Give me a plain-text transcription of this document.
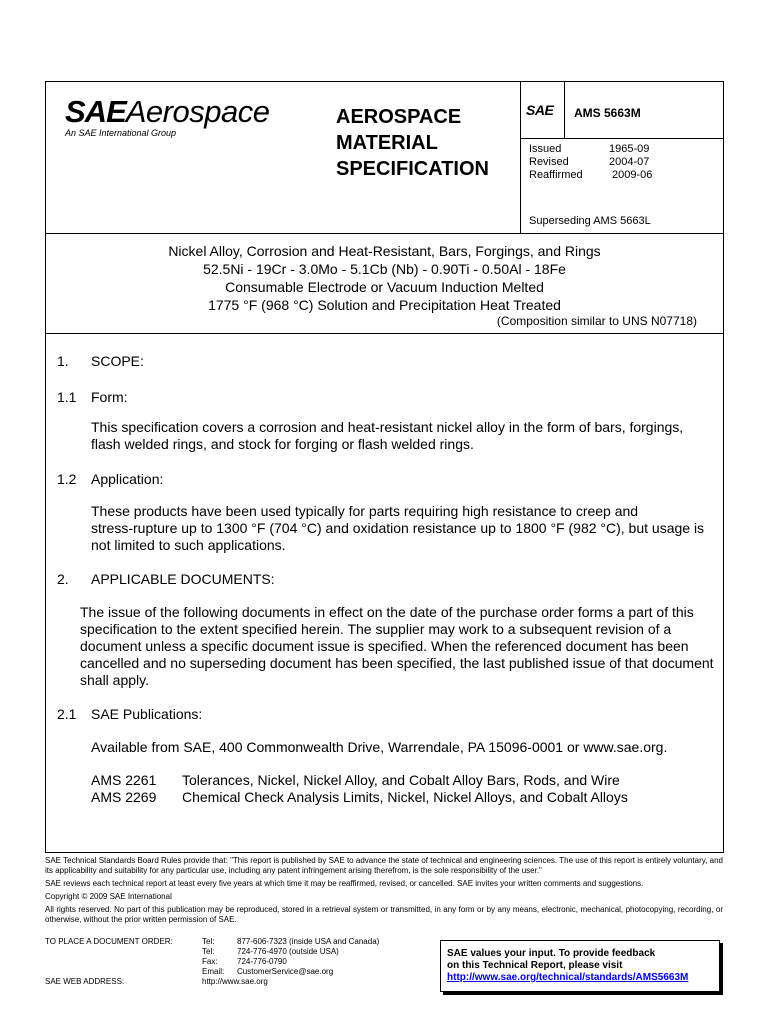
SAEAerospace
An SAE International Group
AEROSPACE
MATERIAL
SPECIFICATION
SAE AMS 5663M
Issued	1965-09
Revised	2004-07
Reaffirmed	2009-06
Superseding AMS 5663L
Nickel Alloy, Corrosion and Heat-Resistant, Bars, Forgings, and Rings
52.5Ni - 19Cr - 3.0Mo - 5.1Cb (Nb) - 0.90Ti - 0.50Al - 18Fe
Consumable Electrode or Vacuum Induction Melted
1775 °F (968 °C) Solution and Precipitation Heat Treated
(Composition similar to UNS N07718)
1. SCOPE:
1.1 Form:
This specification covers a corrosion and heat-resistant nickel alloy in the form of bars, forgings,
flash welded rings, and stock for forging or flash welded rings.
1.2 Application:
These products have been used typically for parts requiring high resistance to creep and
stress-rupture up to 1300 °F (704 °C) and oxidation resistance up to 1800 °F (982 °C), but usage is
not limited to such applications.
2. APPLICABLE DOCUMENTS:
The issue of the following documents in effect on the date of the purchase order forms a part of this
specification to the extent specified herein. The supplier may work to a subsequent revision of a
document unless a specific document issue is specified. When the referenced document has been
cancelled and no superseding document has been specified, the last published issue of that document
shall apply.
2.1 SAE Publications:
Available from SAE, 400 Commonwealth Drive, Warrendale, PA 15096-0001 or www.sae.org.
AMS 2261	Tolerances, Nickel, Nickel Alloy, and Cobalt Alloy Bars, Rods, and Wire
AMS 2269	Chemical Check Analysis Limits, Nickel, Nickel Alloys, and Cobalt Alloys

SAE Technical Standards Board Rules provide that: "This report is published by SAE to advance the state of technical and engineering sciences. The use of this report is entirely voluntary, and its applicability and suitability for any particular use, including any patent infringement arising therefrom, is the sole responsibility of the user."

SAE reviews each technical report at least every five years at which time it may be reaffirmed, revised, or cancelled. SAE invites your written comments and suggestions.

Copyright © 2009 SAE International

All rights reserved. No part of this publication may be reproduced, stored in a retrieval system or transmitted, in any form or by any means, electronic, mechanical, photocopying, recording, or otherwise, without the prior written permission of SAE.

TO PLACE A DOCUMENT ORDER:	Tel:	877-606-7323 (inside USA and Canada)
Tel:	724-776-4970 (outside USA)
Fax:	724-776-0790
Email:	CustomerService@sae.org
SAE WEB ADDRESS:	http://www.sae.org
SAE values your input. To provide feedback
on this Technical Report, please visit
http://www.sae.org/technical/standards/AMS5663M
